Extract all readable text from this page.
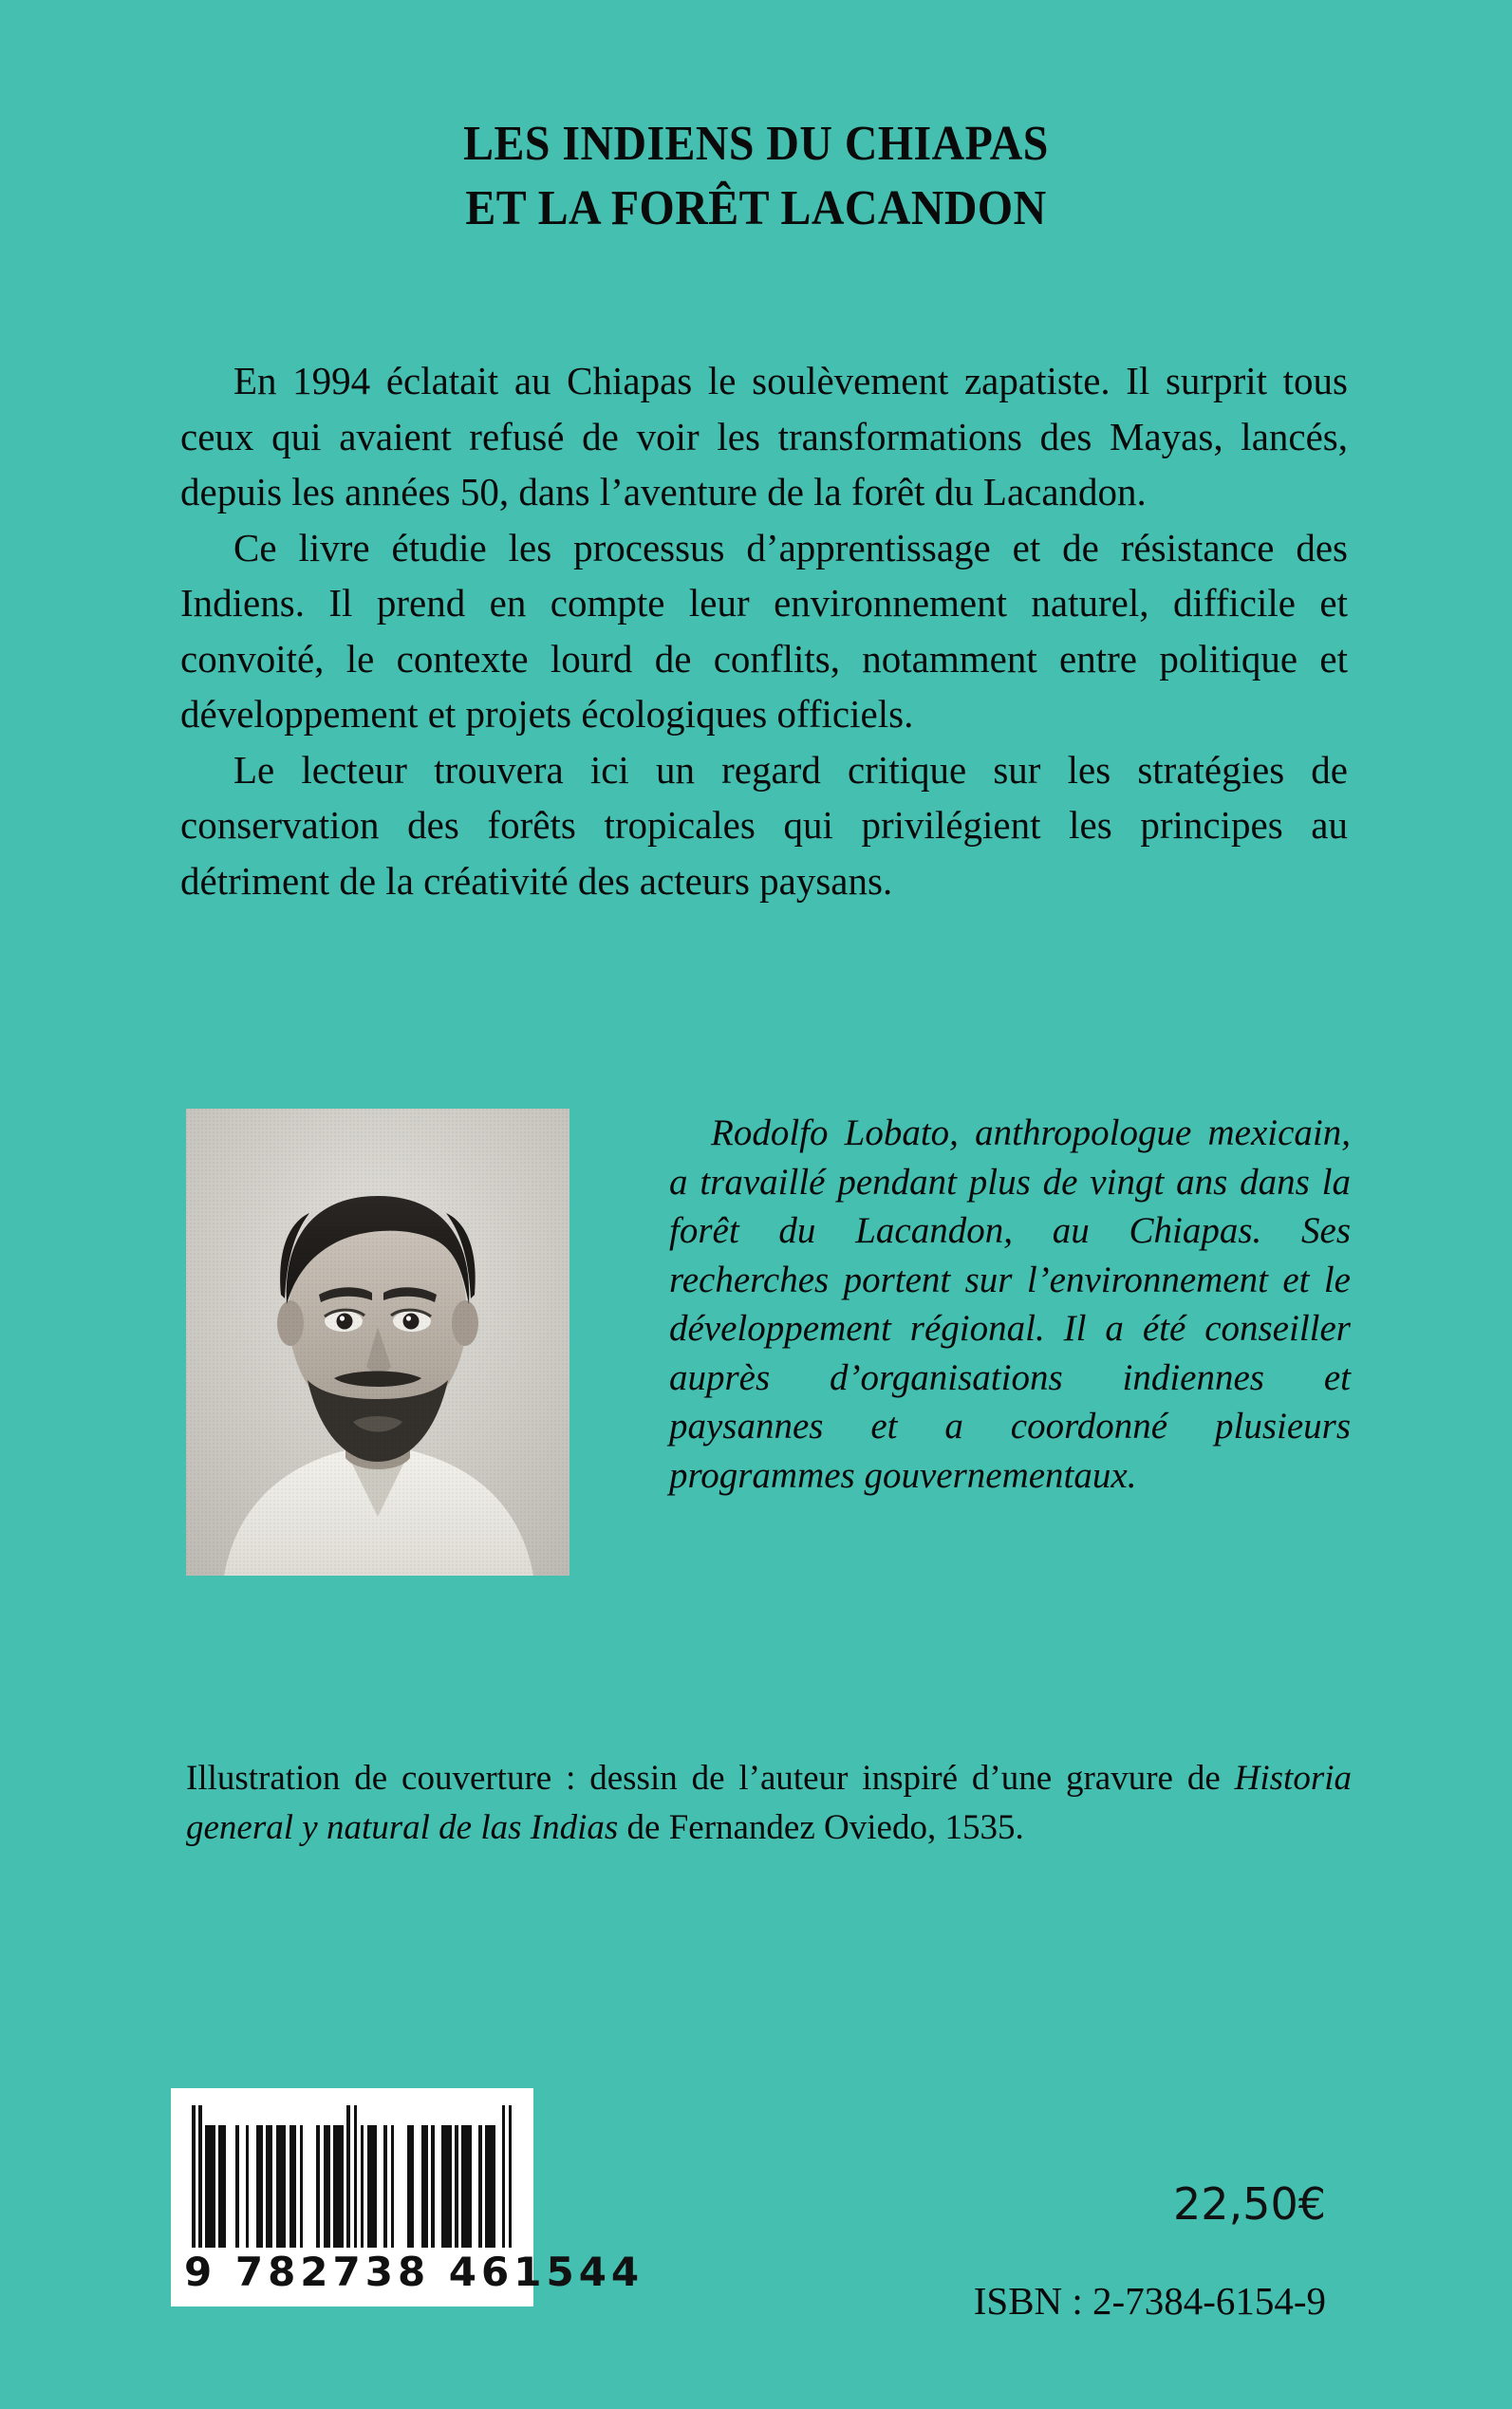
LES INDIENS DU CHIAPAS
ET LA FORÊT LACANDON

En 1994 éclatait au Chiapas le soulèvement zapatiste. Il surprit tous ceux qui avaient refusé de voir les transformations des Mayas, lancés, depuis les années 50, dans l’aventure de la forêt du Lacandon.

Ce livre étudie les processus d’apprentissage et de résistance des Indiens. Il prend en compte leur environnement naturel, difficile et convoité, le contexte lourd de conflits, notamment entre politique et développement et projets écologiques officiels.

Le lecteur trouvera ici un regard critique sur les stratégies de conservation des forêts tropicales qui privilégient les principes au détriment de la créativité des acteurs paysans.

Rodolfo Lobato, anthropologue mexicain, a travaillé pendant plus de vingt ans dans la forêt du Lacandon, au Chiapas. Ses recherches portent sur l’environnement et le développement régional. Il a été conseiller auprès d’organisations indiennes et paysannes et a coordonné plusieurs programmes gouvernementaux.

Illustration de couverture : dessin de l’auteur inspiré d’une gravure de Historia general y natural de las Indias de Fernandez Oviedo, 1535.

9 782738 461544
22,50€
ISBN : 2-7384-6154-9
